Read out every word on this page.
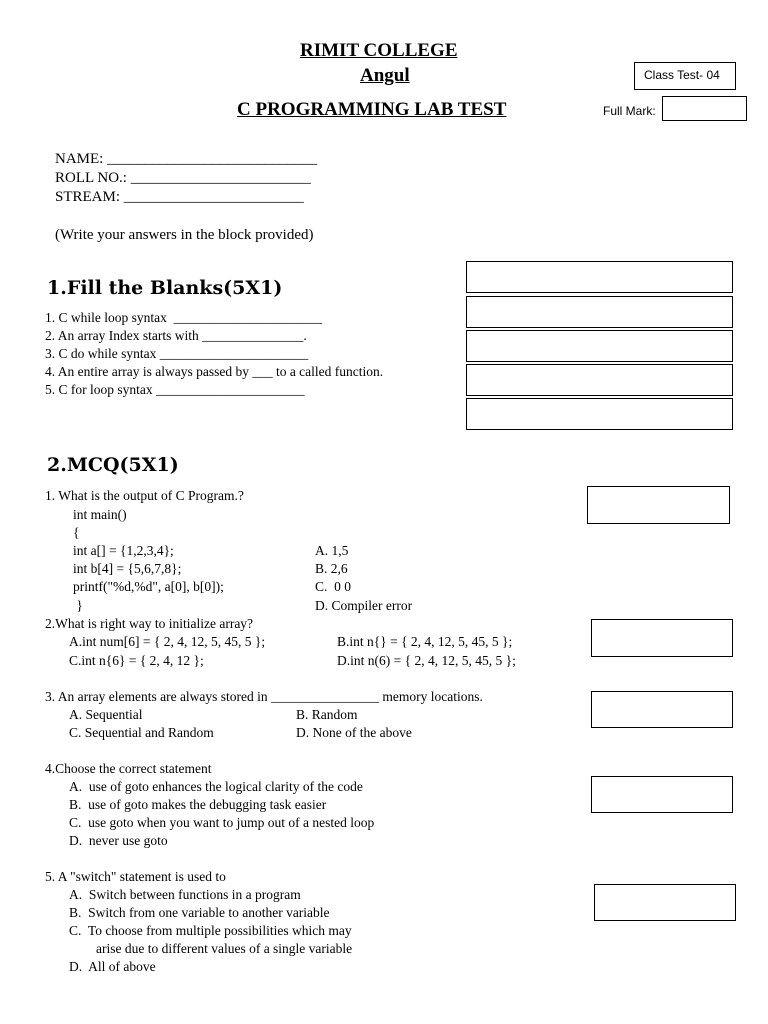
RIMIT COLLEGE
Angul
C PROGRAMMING LAB TEST
Class Test- 04
Full Mark:
NAME: ____________________________
ROLL NO.: ________________________
STREAM: ________________________
(Write your answers in the block provided)
1.Fill the Blanks(5X1)
1. C while loop syntax  ______________________
2. An array Index starts with _______________.
3. C do while syntax ______________________
4. An entire array is always passed by ___ to a called function.
5. C for loop syntax ______________________
2.MCQ(5X1)
1. What is the output of C Program.?
int main()
{
int a[] = {1,2,3,4};
int b[4] = {5,6,7,8};
printf("%d,%d", a[0], b[0]);
}
A. 1,5
B. 2,6
C.  0 0
D. Compiler error
2.What is right way to initialize array?
A.int num[6] = { 2, 4, 12, 5, 45, 5 };	B.int n{} = { 2, 4, 12, 5, 45, 5 };
C.int n{6} = { 2, 4, 12 };	D.int n(6) = { 2, 4, 12, 5, 45, 5 };
3. An array elements are always stored in ________________ memory locations.
A. Sequential	B. Random
C. Sequential and Random	D. None of the above
4.Choose the correct statement
A.  use of goto enhances the logical clarity of the code
B.  use of goto makes the debugging task easier
C.  use goto when you want to jump out of a nested loop
D.  never use goto
5. A "switch" statement is used to
A.  Switch between functions in a program
B.  Switch from one variable to another variable
C.  To choose from multiple possibilities which may
arise due to different values of a single variable
D.  All of above
